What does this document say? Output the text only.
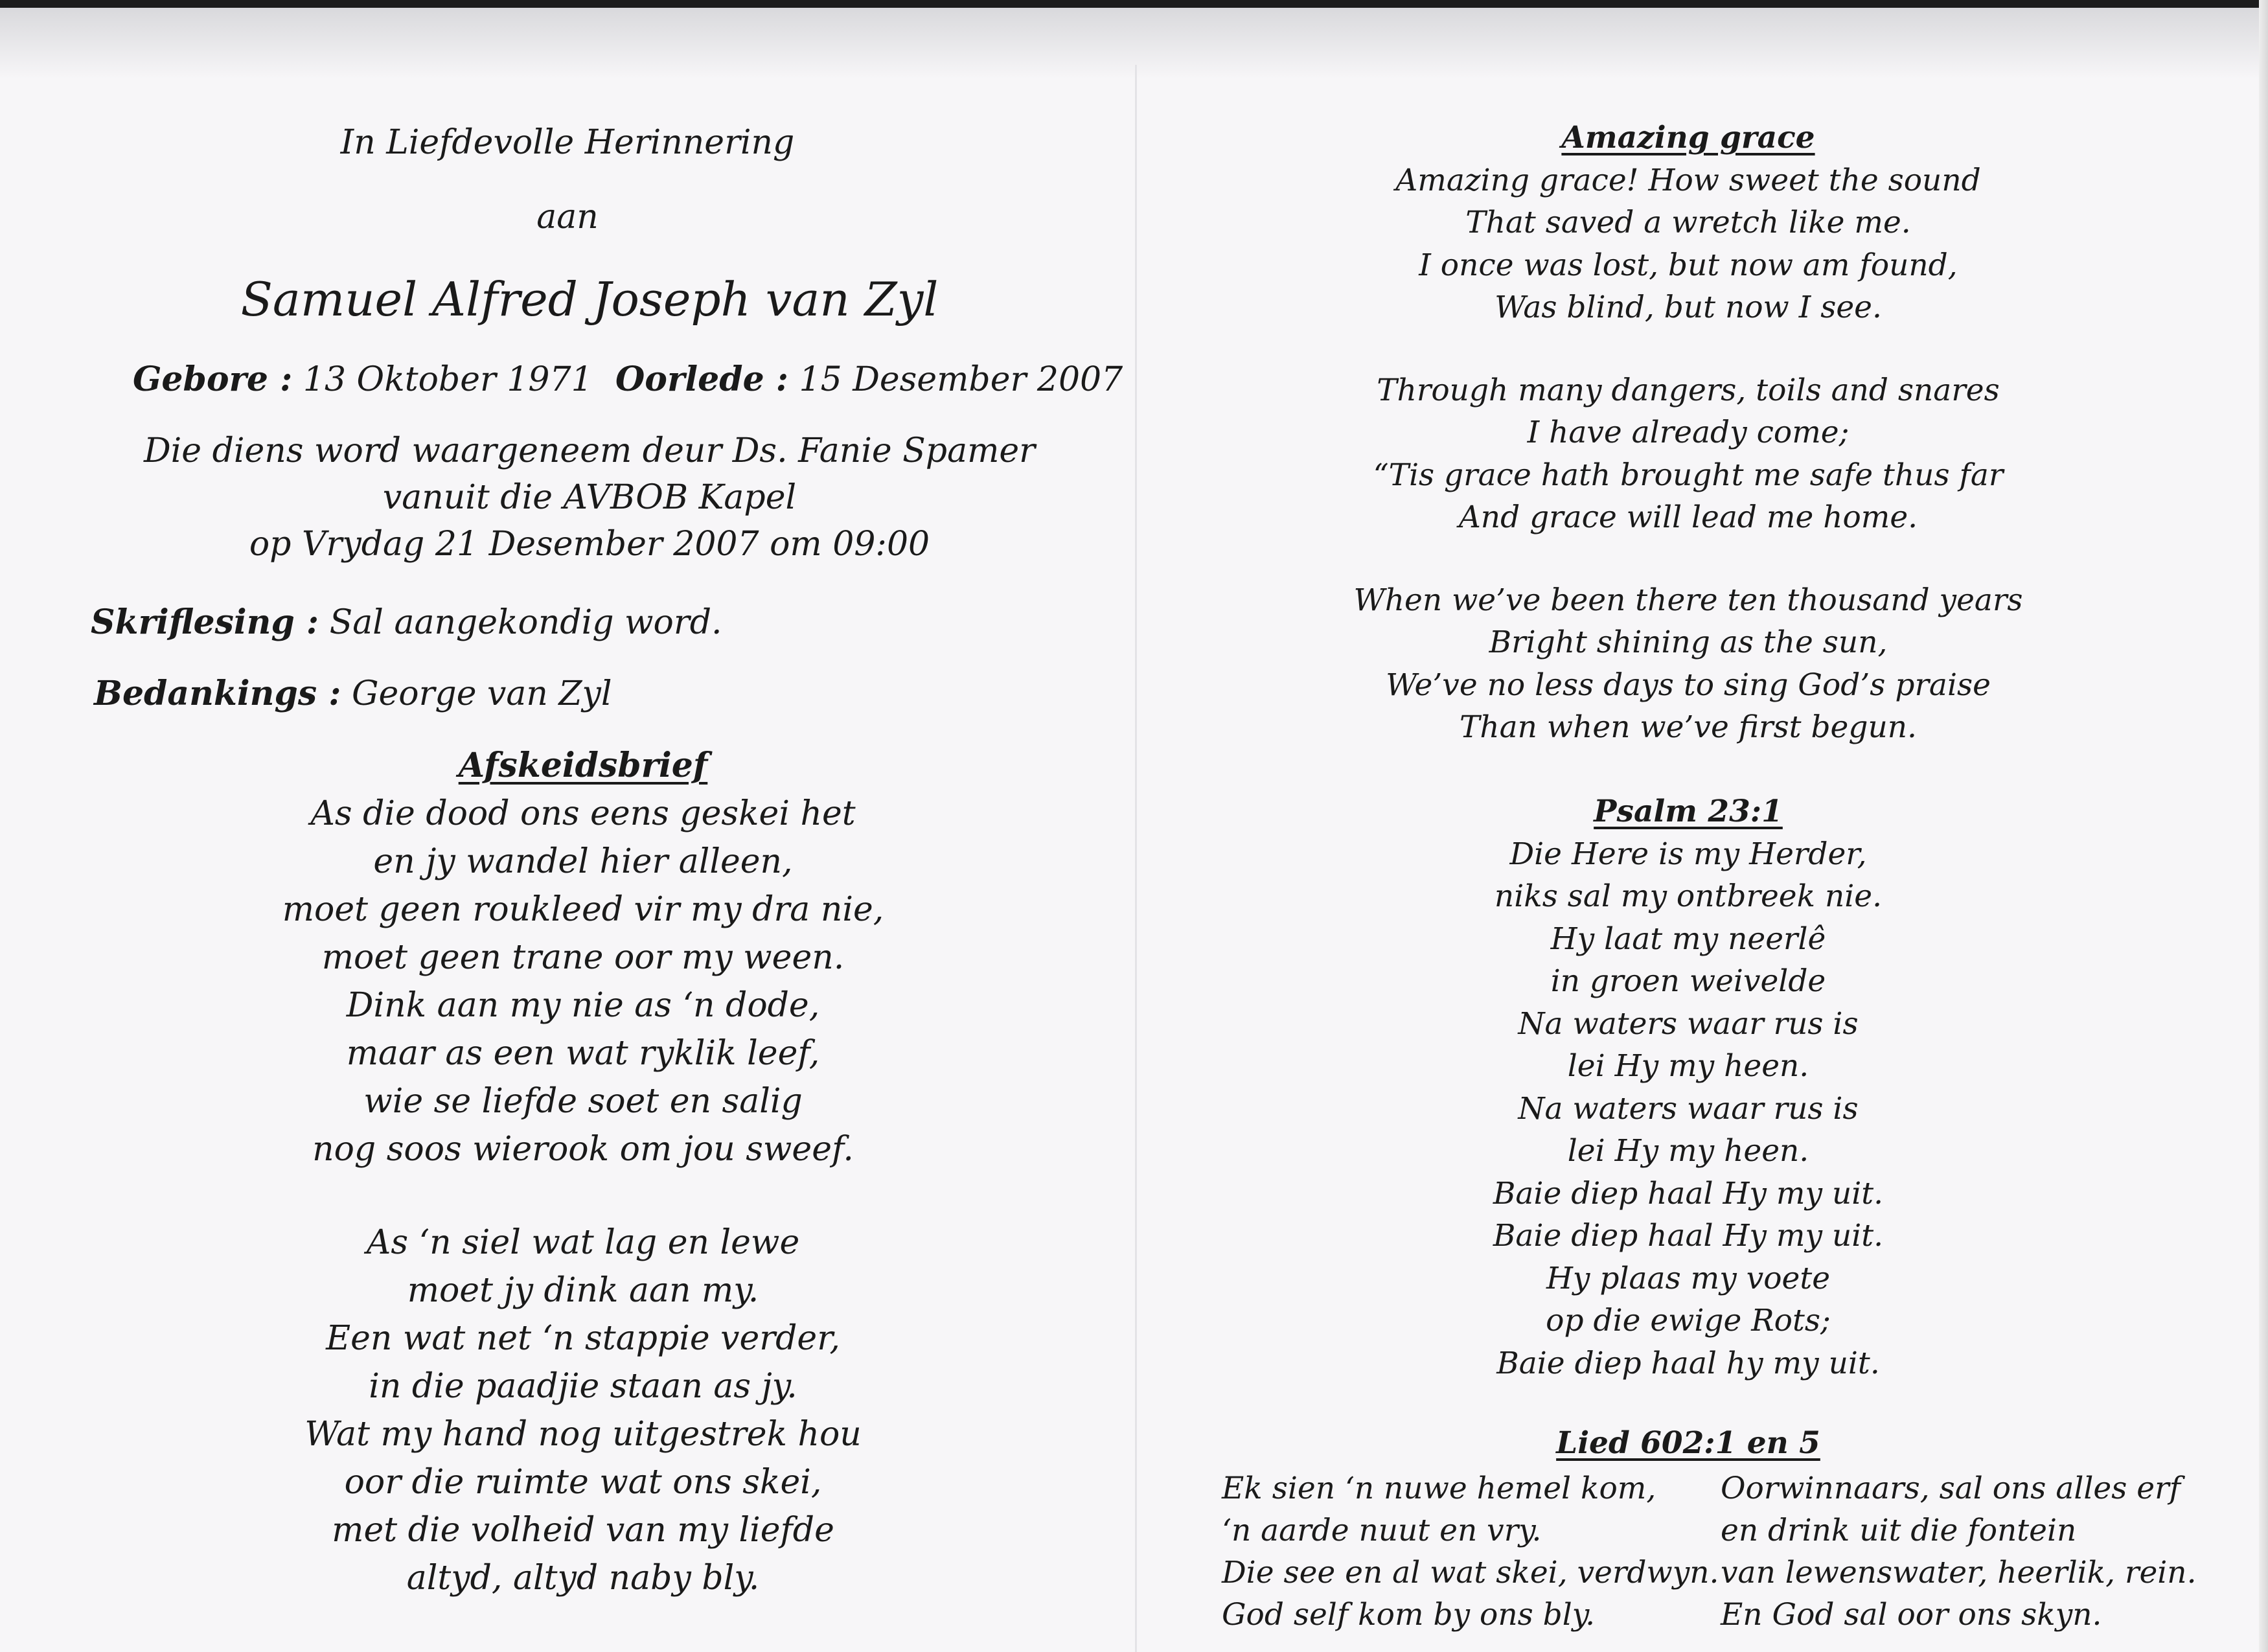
In Liefdevolle Herinnering
aan
Samuel Alfred Joseph van Zyl
Gebore : 13 Oktober 1971 Oorlede : 15 Desember 2007
Die diens word waargeneem deur Ds. Fanie Spamer
vanuit die AVBOB Kapel
op Vrydag 21 Desember 2007 om 09:00
Skriflesing : Sal aangekondig word.
Bedankings : George van Zyl
Afskeidsbrief
As die dood ons eens geskei het
en jy wandel hier alleen,
moet geen roukleed vir my dra nie,
moet geen trane oor my ween.
Dink aan my nie as ‘n dode,
maar as een wat ryklik leef,
wie se liefde soet en salig
nog soos wierook om jou sweef.
As ‘n siel wat lag en lewe
moet jy dink aan my.
Een wat net ‘n stappie verder,
in die paadjie staan as jy.
Wat my hand nog uitgestrek hou
oor die ruimte wat ons skei,
met die volheid van my liefde
altyd, altyd naby bly.
Amazing grace
Amazing grace! How sweet the sound
That saved a wretch like me.
I once was lost, but now am found,
Was blind, but now I see.
Through many dangers, toils and snares
I have already come;
“Tis grace hath brought me safe thus far
And grace will lead me home.
When we’ve been there ten thousand years
Bright shining as the sun,
We’ve no less days to sing God’s praise
Than when we’ve first begun.
Psalm 23:1
Die Here is my Herder,
niks sal my ontbreek nie.
Hy laat my neerlê
in groen weivelde
Na waters waar rus is
lei Hy my heen.
Na waters waar rus is
lei Hy my heen.
Baie diep haal Hy my uit.
Baie diep haal Hy my uit.
Hy plaas my voete
op die ewige Rots;
Baie diep haal hy my uit.
Lied 602:1 en 5
Ek sien ‘n nuwe hemel kom,
‘n aarde nuut en vry.
Die see en al wat skei, verdwyn.
God self kom by ons bly.
Oorwinnaars, sal ons alles erf
en drink uit die fontein
van lewenswater, heerlik, rein.
En God sal oor ons skyn.
